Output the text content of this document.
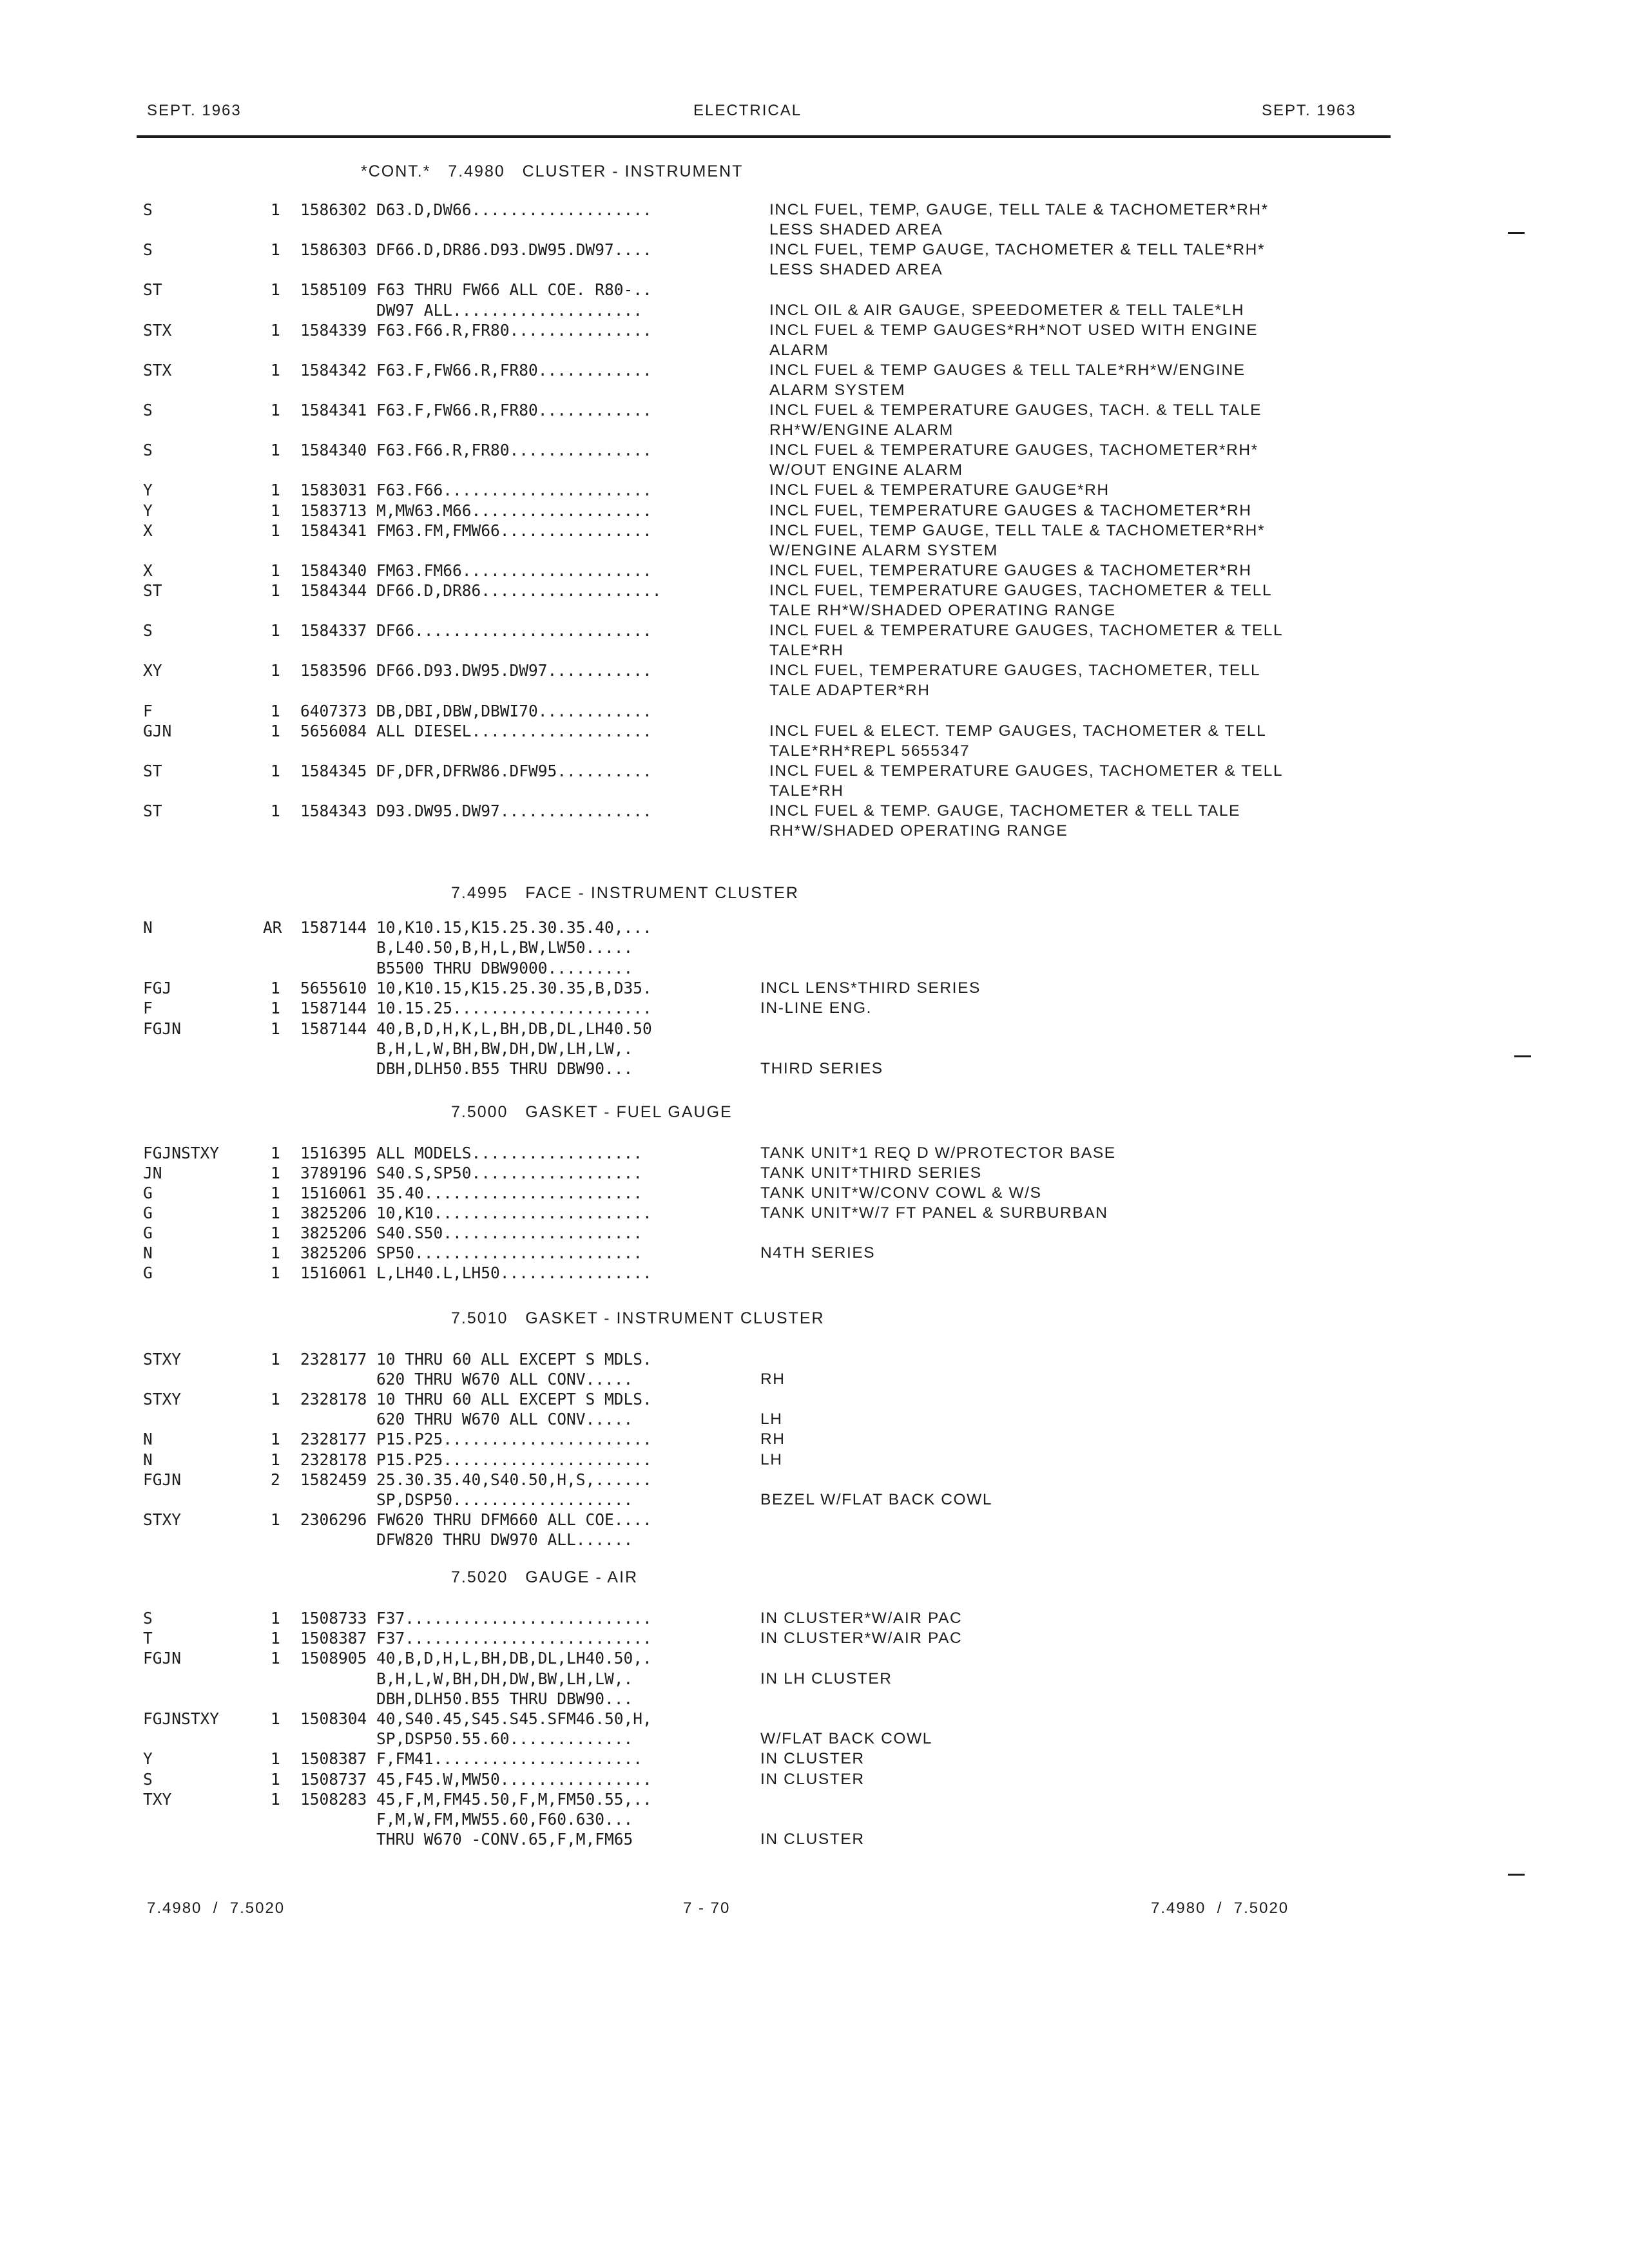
SEPT. 1963	ELECTRICAL	SEPT. 1963
*CONT.*   7.4980   CLUSTER - INSTRUMENT
S	1 1586302 D63.D,DW66...................	INCL FUEL, TEMP, GAUGE, TELL TALE & TACHOMETER*RH*
LESS SHADED AREA
S	1 1586303 DF66.D,DR86.D93.DW95.DW97....	INCL FUEL, TEMP GAUGE, TACHOMETER & TELL TALE*RH*
LESS SHADED AREA
ST	1 1585109 F63 THRU FW66 ALL COE. R80-..
DW97 ALL....................	INCL OIL & AIR GAUGE, SPEEDOMETER & TELL TALE*LH
STX	1 1584339 F63.F66.R,FR80...............	INCL FUEL & TEMP GAUGES*RH*NOT USED WITH ENGINE
ALARM
STX	1 1584342 F63.F,FW66.R,FR80............	INCL FUEL & TEMP GAUGES & TELL TALE*RH*W/ENGINE
ALARM SYSTEM
S	1 1584341 F63.F,FW66.R,FR80............	INCL FUEL & TEMPERATURE GAUGES, TACH. & TELL TALE
RH*W/ENGINE ALARM
S	1 1584340 F63.F66.R,FR80...............	INCL FUEL & TEMPERATURE GAUGES, TACHOMETER*RH*
W/OUT ENGINE ALARM
Y	1 1583031 F63.F66......................	INCL FUEL & TEMPERATURE GAUGE*RH
Y	1 1583713 M,MW63.M66...................	INCL FUEL, TEMPERATURE GAUGES & TACHOMETER*RH
X	1 1584341 FM63.FM,FMW66................	INCL FUEL, TEMP GAUGE, TELL TALE & TACHOMETER*RH*
W/ENGINE ALARM SYSTEM
X	1 1584340 FM63.FM66....................	INCL FUEL, TEMPERATURE GAUGES & TACHOMETER*RH
ST	1 1584344 DF66.D,DR86...................	INCL FUEL, TEMPERATURE GAUGES, TACHOMETER & TELL
TALE RH*W/SHADED OPERATING RANGE
S	1 1584337 DF66.........................	INCL FUEL & TEMPERATURE GAUGES, TACHOMETER & TELL
TALE*RH
XY	1 1583596 DF66.D93.DW95.DW97...........	INCL FUEL, TEMPERATURE GAUGES, TACHOMETER, TELL
TALE ADAPTER*RH
F	1 6407373 DB,DBI,DBW,DBWI70............
GJN	1 5656084 ALL DIESEL...................	INCL FUEL & ELECT. TEMP GAUGES, TACHOMETER & TELL
TALE*RH*REPL 5655347
ST	1 1584345 DF,DFR,DFRW86.DFW95..........	INCL FUEL & TEMPERATURE GAUGES, TACHOMETER & TELL
TALE*RH
ST	1 1584343 D93.DW95.DW97................	INCL FUEL & TEMP. GAUGE, TACHOMETER & TELL TALE
RH*W/SHADED OPERATING RANGE
7.4995   FACE - INSTRUMENT CLUSTER
N	AR 1587144 10,K10.15,K15.25.30.35.40,...
B,L40.50,B,H,L,BW,LW50.....
B5500 THRU DBW9000.........
FGJ	1 5655610 10,K10.15,K15.25.30.35,B,D35.	INCL LENS*THIRD SERIES
F	1 1587144 10.15.25.....................	IN-LINE ENG.
FGJN	1 1587144 40,B,D,H,K,L,BH,DB,DL,LH40.50
B,H,L,W,BH,BW,DH,DW,LH,LW,.
DBH,DLH50.B55 THRU DBW90...	THIRD SERIES
7.5000   GASKET - FUEL GAUGE
FGJNSTXY	1 1516395 ALL MODELS..................	TANK UNIT*1 REQ D W/PROTECTOR BASE
JN	1 3789196 S40.S,SP50..................	TANK UNIT*THIRD SERIES
G	1 1516061 35.40.......................	TANK UNIT*W/CONV COWL & W/S
G	1 3825206 10,K10.......................	TANK UNIT*W/7 FT PANEL & SURBURBAN
G	1 3825206 S40.S50.....................
N	1 3825206 SP50........................	N4TH SERIES
G	1 1516061 L,LH40.L,LH50................
7.5010   GASKET - INSTRUMENT CLUSTER
STXY	1 2328177 10 THRU 60 ALL EXCEPT S MDLS.
620 THRU W670 ALL CONV.....	RH
STXY	1 2328178 10 THRU 60 ALL EXCEPT S MDLS.
620 THRU W670 ALL CONV.....	LH
N	1 2328177 P15.P25......................	RH
N	1 2328178 P15.P25......................	LH
FGJN	2 1582459 25.30.35.40,S40.50,H,S,......
SP,DSP50...................	BEZEL W/FLAT BACK COWL
STXY	1 2306296 FW620 THRU DFM660 ALL COE....
DFW820 THRU DW970 ALL......
7.5020   GAUGE - AIR
S	1 1508733 F37..........................	IN CLUSTER*W/AIR PAC
T	1 1508387 F37..........................	IN CLUSTER*W/AIR PAC
FGJN	1 1508905 40,B,D,H,L,BH,DB,DL,LH40.50,.
B,H,L,W,BH,DH,DW,BW,LH,LW,.	IN LH CLUSTER
DBH,DLH50.B55 THRU DBW90...
FGJNSTXY	1 1508304 40,S40.45,S45.S45.SFM46.50,H,
SP,DSP50.55.60.............	W/FLAT BACK COWL
Y	1 1508387 F,FM41......................	IN CLUSTER
S	1 1508737 45,F45.W,MW50................	IN CLUSTER
TXY	1 1508283 45,F,M,FM45.50,F,M,FM50.55,..
F,M,W,FM,MW55.60,F60.630...
THRU W670 -CONV.65,F,M,FM65	IN CLUSTER
7.4980  /  7.5020	7 - 70	7.4980  /  7.5020
